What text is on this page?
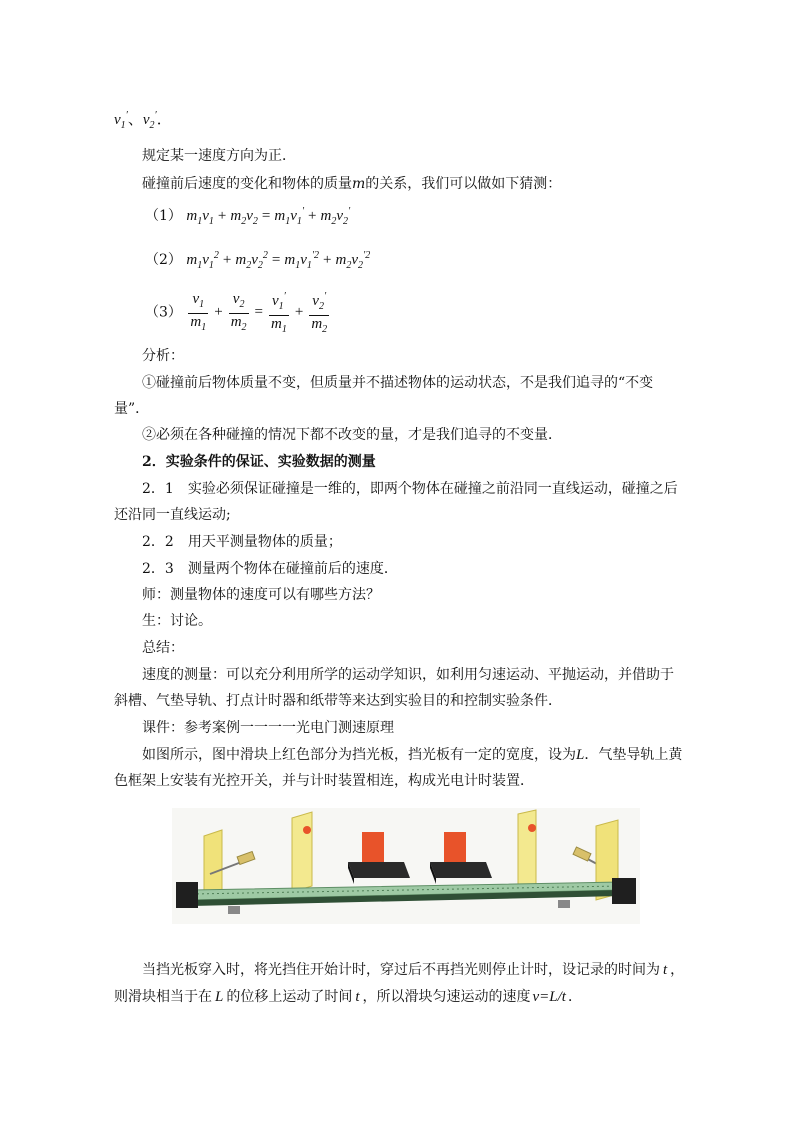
$v_1'$、$v_2'$．
规定某一速度方向为正．
碰撞前后速度的变化和物体的质量m的关系，我们可以做如下猜测：
（1） $m_1v_1 + m_2v_2 = m_1v_1' + m_2v_2'$
（2） $m_1v_1^2 + m_2v_2^2 = m_1v_1^{'2} + m_2v_2^{'2}$
$(3) \frac{v_1}{m_1} + \frac{v_2}{m_2} = \frac{v_1'}{m_1} + \frac{v_2'}{m_2}$
分析：
①碰撞前后物体质量不变，但质量并不描述物体的运动状态，不是我们追寻的“不变
量”．
②必须在各种碰撞的情况下都不改变的量，才是我们追寻的不变量．
2．实验条件的保证、实验数据的测量
2．1　实验必须保证碰撞是一维的，即两个物体在碰撞之前沿同一直线运动，碰撞之后
还沿同一直线运动;
2．2　用天平测量物体的质量；
2．3　测量两个物体在碰撞前后的速度．
师：测量物体的速度可以有哪些方法？
生：讨论。
总结：
速度的测量：可以充分利用所学的运动学知识，如利用匀速运动、平抛运动，并借助于
斜槽、气垫导轨、打点计时器和纸带等来达到实验目的和控制实验条件．
课件：参考案例一一一一光电门测速原理
如图所示，图中滑块上红色部分为挡光板，挡光板有一定的宽度，设为L．气垫导轨上黄
色框架上安装有光控开关，并与计时装置相连，构成光电计时装置．
当挡光板穿入时，将光挡住开始计时，穿过后不再挡光则停止计时，设记录的时间为 t ，
则滑块相当于在 L 的位移上运动了时间 t ，所以滑块匀速运动的速度 v=L/t ．
